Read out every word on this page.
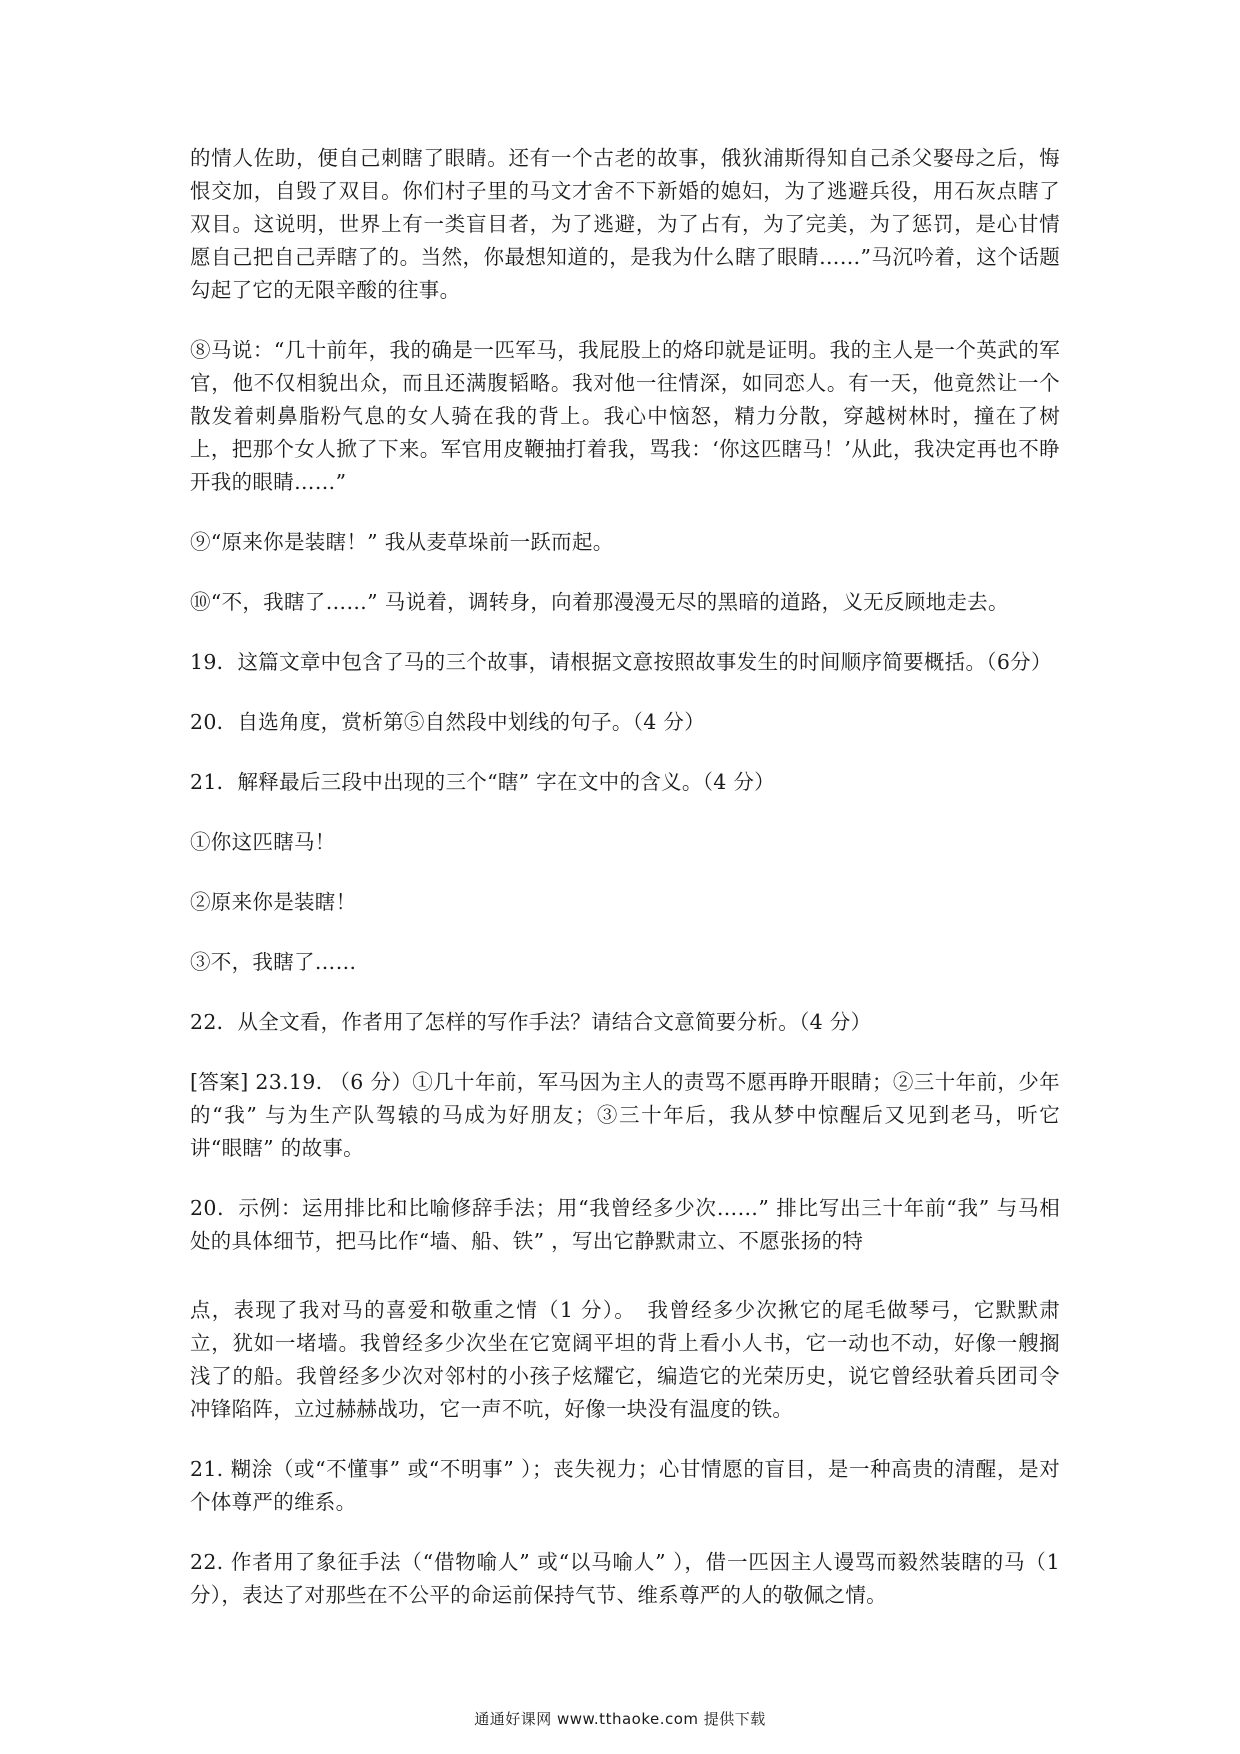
的情人佐助，便自己刺瞎了眼睛。还有一个古老的故事，俄狄浦斯得知自己杀父娶母之后，悔恨交加，自毁了双目。你们村子里的马文才舍不下新婚的媳妇，为了逃避兵役，用石灰点瞎了双目。这说明，世界上有一类盲目者，为了逃避，为了占有，为了完美，为了惩罚，是心甘情愿自己把自己弄瞎了的。当然，你最想知道的，是我为什么瞎了眼睛……”马沉吟着，这个话题勾起了它的无限辛酸的往事。

⑧马说：“几十前年，我的确是一匹军马，我屁股上的烙印就是证明。我的主人是一个英武的军官，他不仅相貌出众，而且还满腹韬略。我对他一往情深，如同恋人。有一天，他竟然让一个散发着刺鼻脂粉气息的女人骑在我的背上。我心中恼怒，精力分散，穿越树林时，撞在了树上，把那个女人掀了下来。军官用皮鞭抽打着我，骂我：‘你这匹瞎马！’从此，我决定再也不睁开我的眼睛……”

⑨“原来你是装瞎！” 我从麦草垛前一跃而起。

⑩“不，我瞎了……” 马说着，调转身，向着那漫漫无尽的黑暗的道路，义无反顾地走去。

19．这篇文章中包含了马的三个故事，请根据文意按照故事发生的时间顺序简要概括。（6分）

20．自选角度，赏析第⑤自然段中划线的句子。（4 分）

21．解释最后三段中出现的三个“瞎” 字在文中的含义。（4 分）

①你这匹瞎马！

②原来你是装瞎！

③不，我瞎了……

22．从全文看，作者用了怎样的写作手法？请结合文意简要分析。（4 分）

[答案] 23.19. （6 分）①几十年前，军马因为主人的责骂不愿再睁开眼睛；②三十年前，少年的“我” 与为生产队驾辕的马成为好朋友；③三十年后，我从梦中惊醒后又见到老马，听它讲“眼瞎” 的故事。

20．示例：运用排比和比喻修辞手法；用“我曾经多少次……” 排比写出三十年前“我” 与马相处的具体细节，把马比作“墙、船、铁” ，写出它静默肃立、不愿张扬的特

点，表现了我对马的喜爱和敬重之情（1 分）。　我曾经多少次揪它的尾毛做琴弓，它默默肃立，犹如一堵墙。我曾经多少次坐在它宽阔平坦的背上看小人书，它一动也不动，好像一艘搁浅了的船。我曾经多少次对邻村的小孩子炫耀它，编造它的光荣历史，说它曾经驮着兵团司令冲锋陷阵，立过赫赫战功，它一声不吭，好像一块没有温度的铁。

21. 糊涂（或“不懂事” 或“不明事” ）；丧失视力；心甘情愿的盲目，是一种高贵的清醒，是对个体尊严的维系。

22. 作者用了象征手法（“借物喻人” 或“以马喻人” ），借一匹因主人谩骂而毅然装瞎的马（1 分），表达了对那些在不公平的命运前保持气节、维系尊严的人的敬佩之情。

通通好课网 www.tthaoke.com 提供下载
